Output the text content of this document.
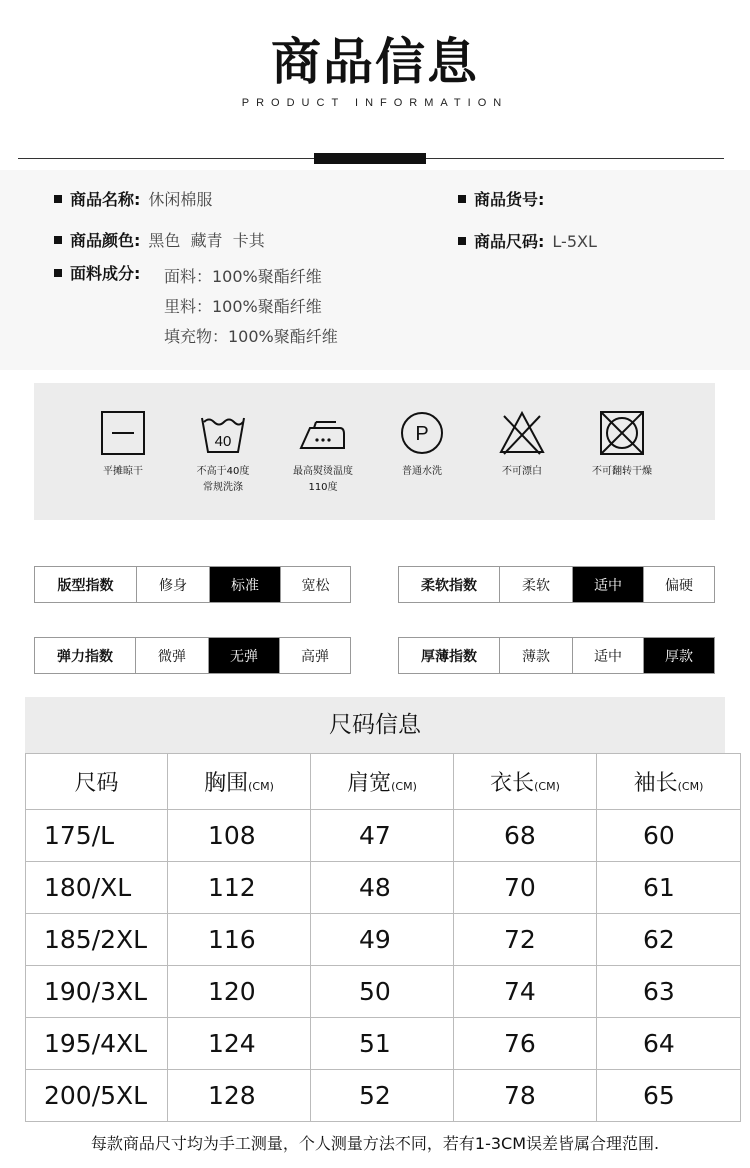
商品信息
PRODUCT INFORMATION
商品名称: 休闲棉服	商品货号:
商品颜色: 黑色  藏青  卡其	商品尺码: L-5XL
面料成分: 面料：100%聚酯纤维
里料：100%聚酯纤维
填充物：100%聚酯纤维
平摊晾干
40
不高于40度
常规洗涤
最高熨烫温度
110度
P
普通水洗	不可漂白	不可翻转干燥
版型指数	修身	标准	宽松	柔软指数	柔软	适中	偏硬
弹力指数	微弹	无弹	高弹	厚薄指数	薄款	适中	厚款
尺码信息
尺码	胸围(CM)	肩宽(CM)	衣长(CM)	袖长(CM)
175/L	108	47	68	60
180/XL	112	48	70	61
185/2XL	116	49	72	62
190/3XL	120	50	74	63
195/4XL	124	51	76	64
200/5XL	128	52	78	65
每款商品尺寸均为手工测量，个人测量方法不同，若有1-3CM误差皆属合理范围.
